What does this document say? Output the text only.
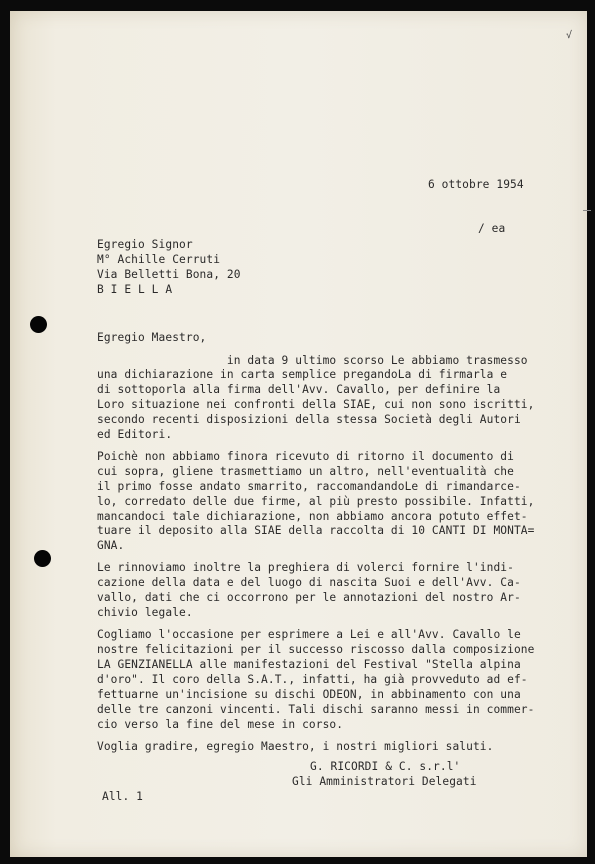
√

6 ottobre 1954

/ ea

Egregio Signor

M° Achille Cerruti

Via Belletti Bona, 20

B I E L L A

Egregio Maestro,

in data 9 ultimo scorso Le abbiamo trasmesso

una dichiarazione in carta semplice pregandoLa di firmarla e

di sottoporla alla firma dell'Avv. Cavallo, per definire la

Loro situazione nei confronti della SIAE, cui non sono iscritti,

secondo recenti disposizioni della stessa Società degli Autori

ed Editori.

Poichè non abbiamo finora ricevuto di ritorno il documento di

cui sopra, gliene trasmettiamo un altro, nell'eventualità che

il primo fosse andato smarrito, raccomandandoLe di rimandarce-

lo, corredato delle due firme, al più presto possibile. Infatti,

mancandoci tale dichiarazione, non abbiamo ancora potuto effet-

tuare il deposito alla SIAE della raccolta di 10 CANTI DI MONTA=

GNA.

Le rinnoviamo inoltre la preghiera di volerci fornire l'indi-

cazione della data e del luogo di nascita Suoi e dell'Avv. Ca-

vallo, dati che ci occorrono per le annotazioni del nostro Ar-

chivio legale.

Cogliamo l'occasione per esprimere a Lei e all'Avv. Cavallo le

nostre felicitazioni per il successo riscosso dalla composizione

LA GENZIANELLA alle manifestazioni del Festival "Stella alpina

d'oro". Il coro della S.A.T., infatti, ha già provveduto ad ef-

fettuarne un'incisione su dischi ODEON, in abbinamento con una

delle tre canzoni vincenti. Tali dischi saranno messi in commer-

cio verso la fine del mese in corso.

Voglia gradire, egregio Maestro, i nostri migliori saluti.

G. RICORDI & C. s.r.l'

Gli Amministratori Delegati

All. 1
